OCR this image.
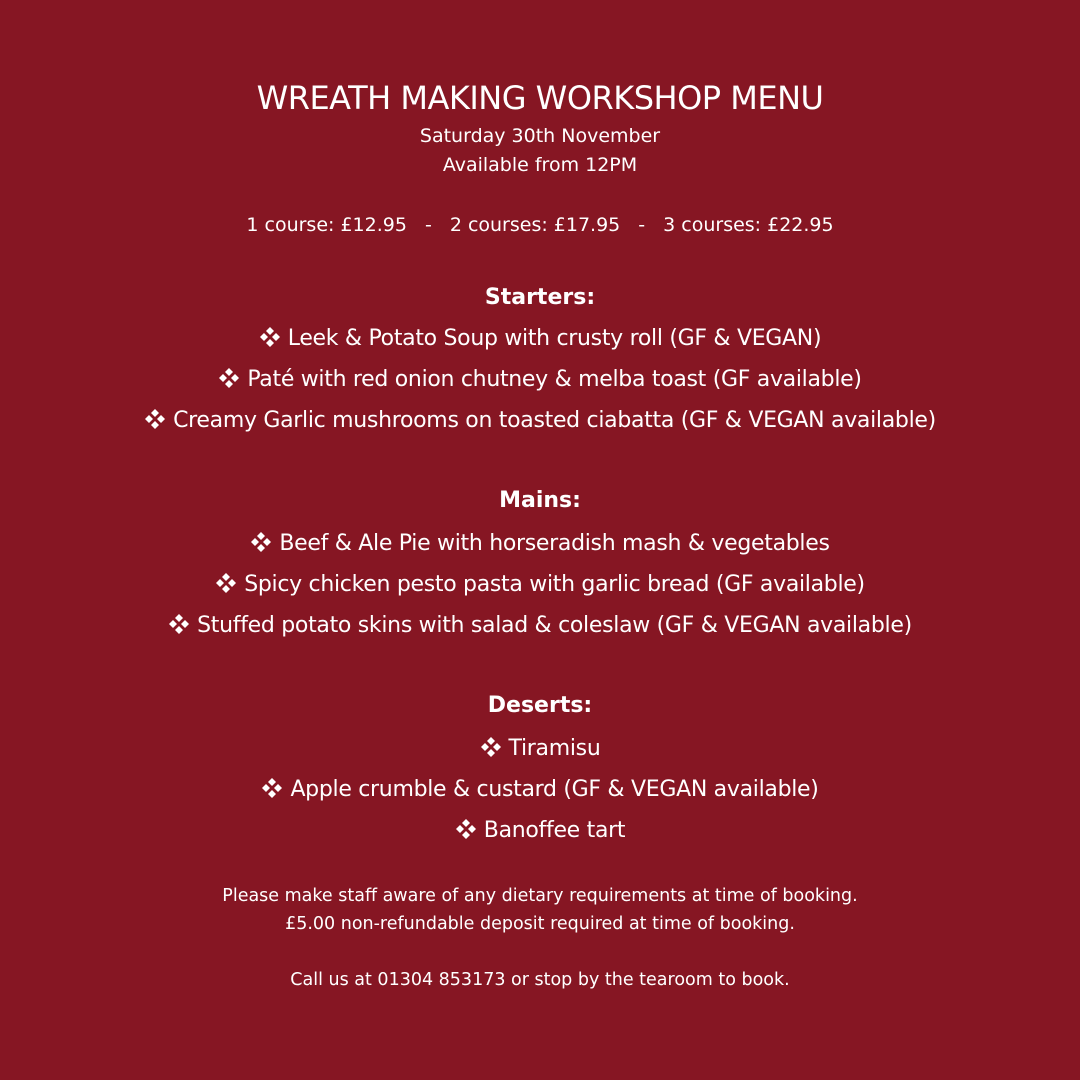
WREATH MAKING WORKSHOP MENU
Saturday 30th November
Available from 12PM
1 course: £12.95 - 2 courses: £17.95 - 3 courses: £22.95
Starters:
Leek & Potato Soup with crusty roll (GF & VEGAN)
Paté with red onion chutney & melba toast (GF available)
Creamy Garlic mushrooms on toasted ciabatta (GF & VEGAN available)
Mains:
Beef & Ale Pie with horseradish mash & vegetables
Spicy chicken pesto pasta with garlic bread (GF available)
Stuffed potato skins with salad & coleslaw (GF & VEGAN available)
Deserts:
Tiramisu
Apple crumble & custard (GF & VEGAN available)
Banoffee tart
Please make staff aware of any dietary requirements at time of booking.
£5.00 non-refundable deposit required at time of booking.
Call us at 01304 853173 or stop by the tearoom to book.
